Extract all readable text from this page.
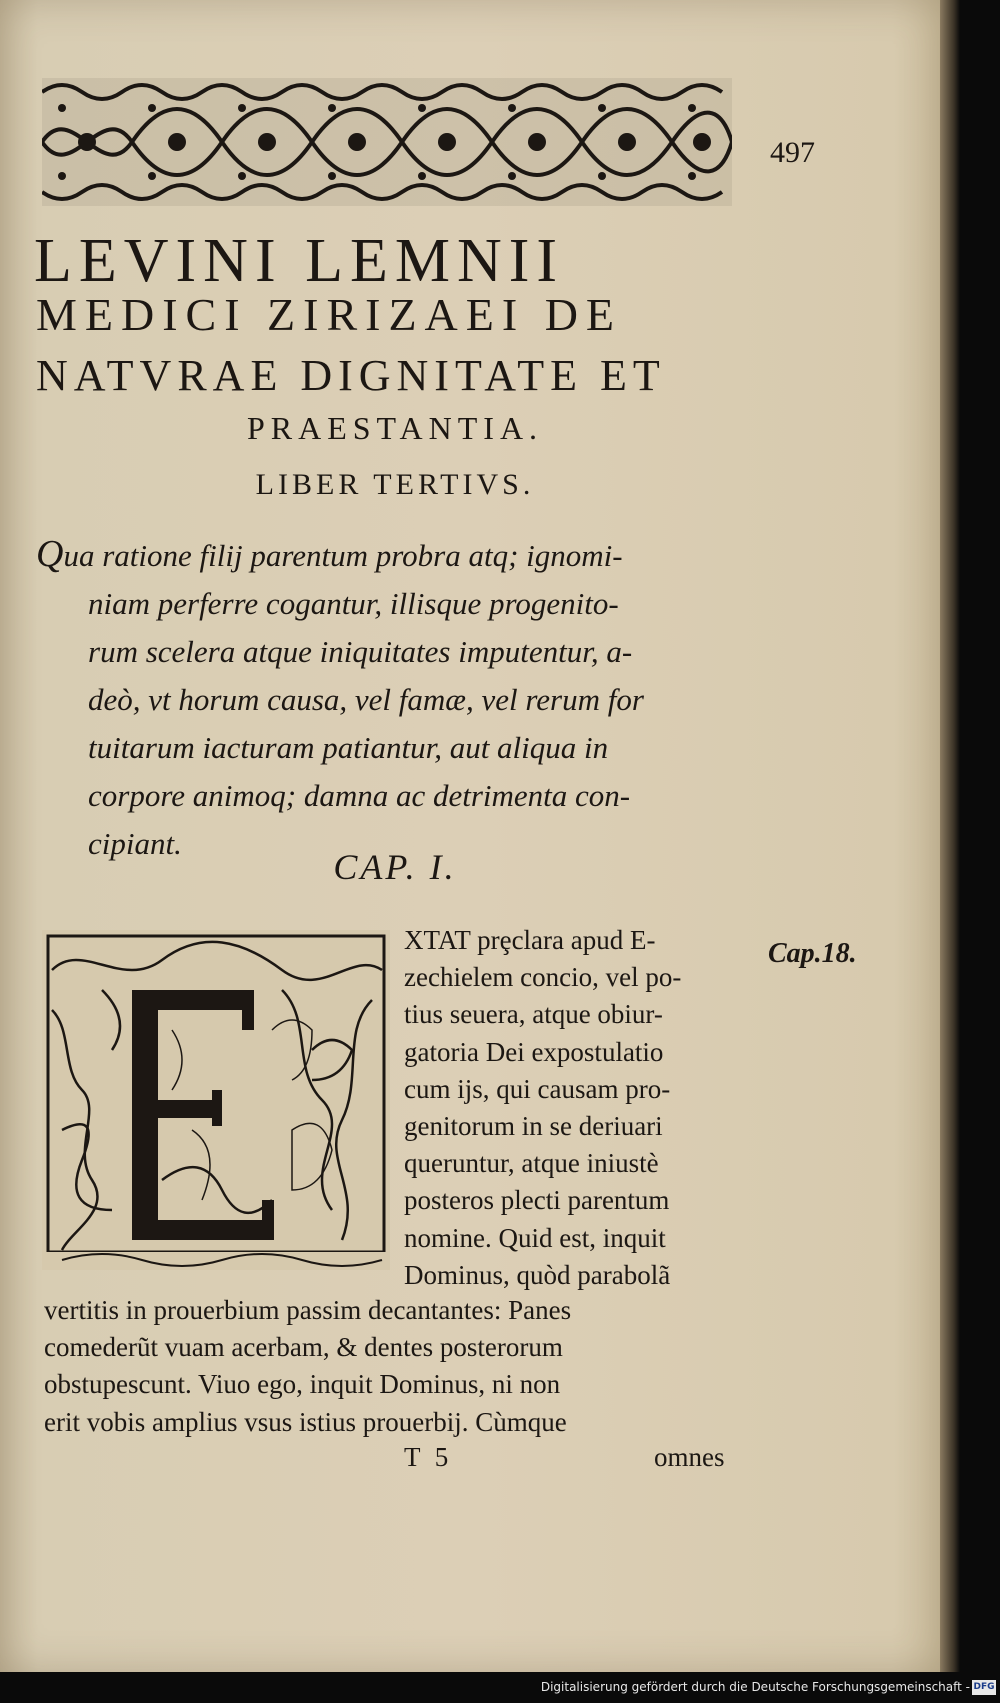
497
LEVINI LEMNII
MEDICI ZIRIZAEI DE
NATVRAE DIGNITATE ET
PRAESTANTIA.
LIBER TERTIVS.
Qua ratione filij parentum probra atq; ignomi-
niam perferre cogantur, illisque progenito-
rum scelera atque iniquitates imputentur, a-
deò, vt horum causa, vel famæ, vel rerum for
tuitarum iacturam patiantur, aut aliqua in
corpore animoq; damna ac detrimenta con-
cipiant.
CAP. I.
Cap.18.
XTAT prȩclara apud E-
zechielem concio, vel po-
tius seuera, atque obiur-
gatoria Dei expostulatio
cum ijs, qui causam pro-
genitorum in se deriuari
queruntur, atque iniustè
posteros plecti parentum
nomine. Quid est, inquit
Dominus, quòd parabolã
vertitis in prouerbium passim decantantes: Panes
comederũt vuam acerbam, & dentes posterorum
obstupescunt. Viuo ego, inquit Dominus, ni non
erit vobis amplius vsus istius prouerbij. Cùmque
T 5	omnes
Digitalisierung gefördert durch die Deutsche Forschungsgemeinschaft - DFG
